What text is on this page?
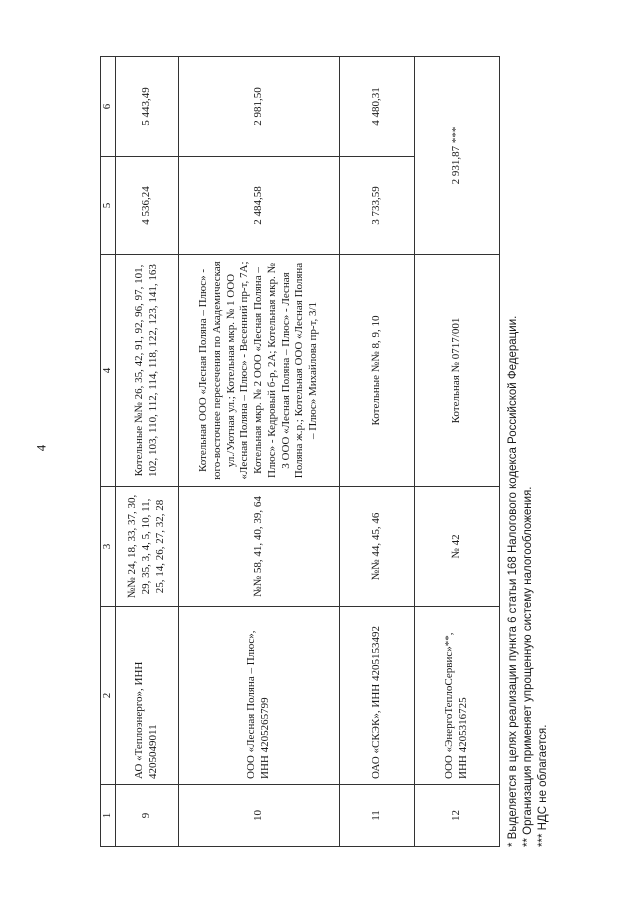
4
1	2	3	4	5	6
9	АО «Теплоэнерго», ИНН 4205049011	№№ 24, 18, 33, 37, 30, 29, 35, 3, 4, 5, 10, 11, 25, 14, 26, 27, 32, 28	Котельные №№ 26, 35, 42, 91, 92, 96, 97, 101, 102, 103, 110, 112, 114, 118, 122, 123, 141, 163	4 536,24	5 443,49
10	ООО «Лесная Поляна – Плюс», ИНН 4205265799	№№ 58, 41, 40, 39, 64	Котельная ООО «Лесная Поляна – Плюс» - юго-восточнее пересечения по Академическая ул./Уютная ул.; Котельная мкр. № 1 ООО «Лесная Поляна – Плюс» - Весенний пр-т, 7А; Котельная мкр. № 2 ООО «Лесная Поляна – Плюс» - Кедровый б-р, 2А; Котельная мкр. № 3 ООО «Лесная Поляна – Плюс» - Лесная Поляна ж.р.; Котельная ООО «Лесная Поляна – Плюс» Михайлова пр-т, 3/1	2 484,58	2 981,50
11	ОАО «СКЭК», ИНН 4205153492	№№ 44, 45, 46	Котельные №№ 8, 9, 10	3 733,59	4 480,31
12	ООО «ЭнергоТеплоСервис»**, ИНН 4205316725	№ 42	Котельная № 0717/001	2 931,87 ***	
* Выделяется в целях реализации пункта 6 статьи 168 Налогового кодекса Российской Федерации. ** Организация применяет упрощенную систему налогообложения. *** НДС не облагается.
